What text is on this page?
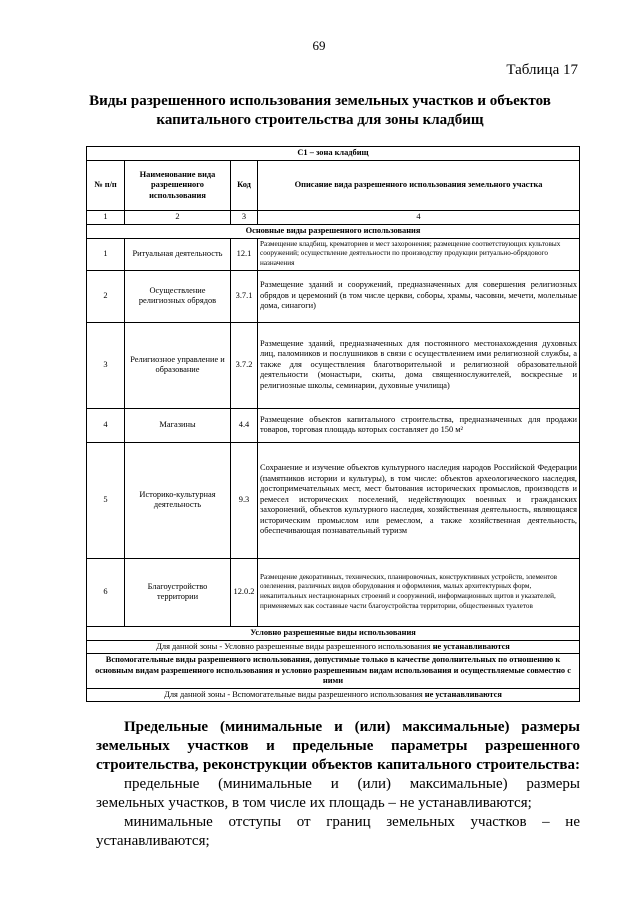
69
Таблица 17
Виды разрешенного использования земельных участков и объектов
капитального строительства для зоны кладбищ
С1 – зона кладбищ			
№ п/п	Наименование вида разрешенного использования	Код	Описание вида разрешенного использования земельного участка
1	2	3	4
Основные виды разрешенного использования			
1	Ритуальная деятельность	12.1	Размещение кладбищ, крематориев и мест захоронения; размещение соответствующих культовых сооружений; осуществление деятельности по производству продукции ритуально-обрядового назначения
2	Осуществление религиозных обрядов	3.7.1	Размещение зданий и сооружений, предназначенных для совершения религиозных обрядов и церемоний (в том числе церкви, соборы, храмы, часовни, мечети, молельные дома, синагоги)
3	Религиозное управление и образование	3.7.2	Размещение зданий, предназначенных для постоянного местонахождения духовных лиц, паломников и послушников в связи с осуществлением ими религиозной службы, а также для осуществления благотворительной и религиозной образовательной деятельности (монастыри, скиты, дома священнослужителей, воскресные и религиозные школы, семинарии, духовные училища)
4	Магазины	4.4	Размещение объектов капитального строительства, предназначенных для продажи товаров, торговая площадь которых составляет до 150 м²
5	Историко-культурная деятельность	9.3	Сохранение и изучение объектов культурного наследия народов Российской Федерации (памятников истории и культуры), в том числе: объектов археологического наследия, достопримечательных мест, мест бытования исторических промыслов, производств и ремесел исторических поселений, недействующих военных и гражданских захоронений, объектов культурного наследия, хозяйственная деятельность, являющаяся историческим промыслом или ремеслом, а также хозяйственная деятельность, обеспечивающая познавательный туризм
6	Благоустройство территории	12.0.2	Размещение декоративных, технических, планировочных, конструктивных устройств, элементов озеленения, различных видов оборудования и оформления, малых архитектурных форм, некапитальных нестационарных строений и сооружений, информационных щитов и указателей, применяемых как составные части благоустройства территории, общественных туалетов
Условно разрешенные виды использования			
Для данной зоны - Условно разрешенные виды разрешенного использования не устанавливаются			
Вспомогательные виды разрешенного использования, допустимые только в качестве дополнительных по отношению к основным видам разрешенного использования и условно разрешенным видам использования и осуществляемые совместно с ними			
Для данной зоны - Вспомогательные виды разрешенного использования не устанавливаются			

Предельные (минимальные и (или) максимальные) размеры

земельных участков и предельные параметры разрешенного

строительства, реконструкции объектов капитального строительства:

предельные (минимальные и (или) максимальные) размеры

земельных участков, в том числе их площадь – не устанавливаются;

минимальные отступы от границ земельных участков – не

устанавливаются;
